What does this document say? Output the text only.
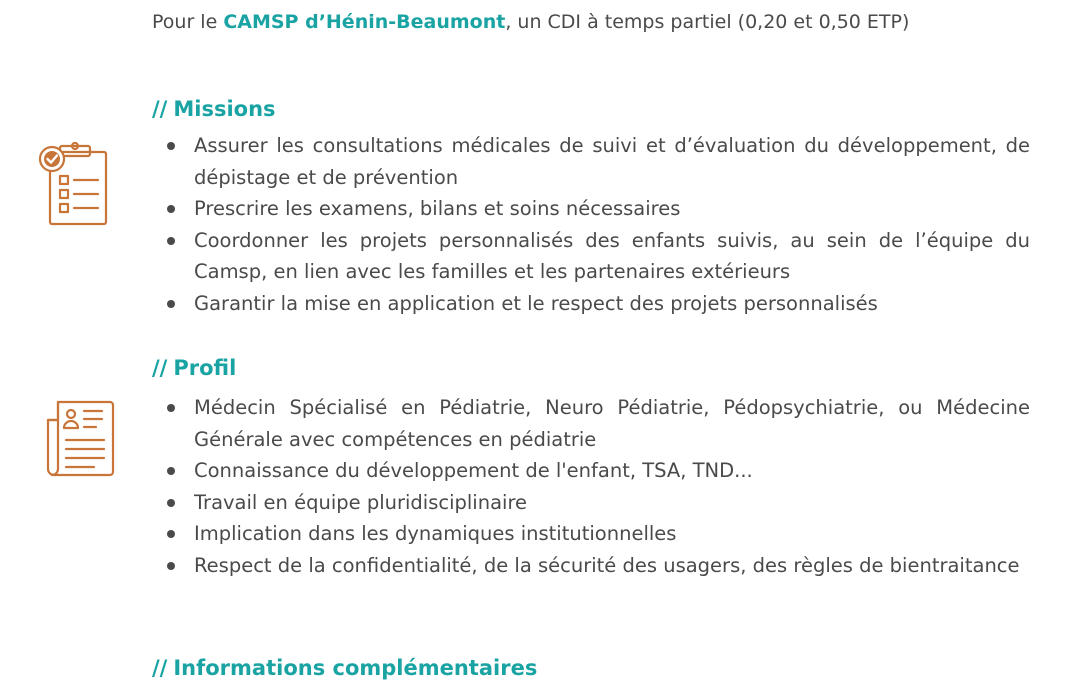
Pour le CAMSP d’Hénin-Beaumont, un CDI à temps partiel (0,20 et 0,50 ETP)
// Missions
Assurer les consultations médicales de suivi et d’évaluation du développement, de dépistage et de prévention
Prescrire les examens, bilans et soins nécessaires
Coordonner les projets personnalisés des enfants suivis, au sein de l’équipe du Camsp, en lien avec les familles et les partenaires extérieurs
Garantir la mise en application et le respect des projets personnalisés
// Profil
Médecin Spécialisé en Pédiatrie, Neuro Pédiatrie, Pédopsychiatrie, ou Médecine Générale avec compétences en pédiatrie
Connaissance du développement de l'enfant, TSA, TND...
Travail en équipe pluridisciplinaire
Implication dans les dynamiques institutionnelles
Respect de la confidentialité, de la sécurité des usagers, des règles de bientraitance
// Informations complémentaires
